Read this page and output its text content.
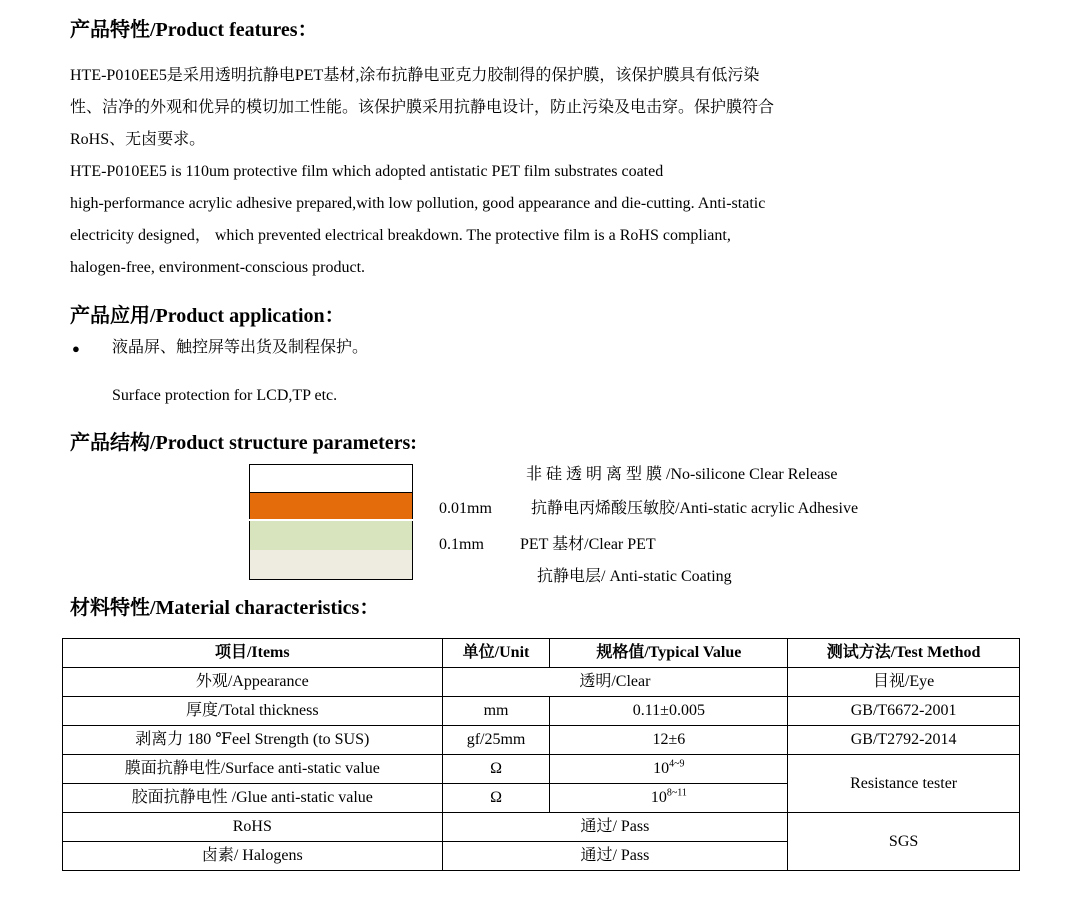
产品特性/Product features：

HTE-P010EE5是采用透明抗静电PET基材,涂布抗静电亚克力胶制得的保护膜，该保护膜具有低污染

性、洁净的外观和优异的模切加工性能。该保护膜采用抗静电设计，防止污染及电击穿。保护膜符合

RoHS、无卤要求。

HTE-P010EE5 is 110um protective film which adopted antistatic PET film substrates coated

high-performance acrylic adhesive prepared,with low pollution, good appearance and die-cutting. Anti-static

electricity designed， which prevented electrical breakdown. The protective film is a RoHS compliant,

halogen-free, environment-conscious product.

产品应用/Product application：
● 液晶屏、触控屏等出货及制程保护。

Surface protection for LCD,TP etc.

产品结构/Product structure parameters:
非 硅 透 明 离 型 膜 /No-silicone Clear Release
0.01mm 抗静电丙烯酸压敏胶/Anti-static acrylic Adhesive
0.1mm PET 基材/Clear PET
抗静电层/ Anti-static Coating
材料特性/Material characteristics：
项目/Items	单位/Unit	规格值/Typical Value	测试方法/Test Method
外观/Appearance	透明/Clear		目视/Eye
厚度/Total thickness	mm	0.11±0.005	GB/T6672-2001
剥离力 180 ℉eel Strength (to SUS)	gf/25mm	12±6	GB/T2792-2014
膜面抗静电性/Surface anti-static value	Ω	$10^{4\sim 9}$	Resistance tester
胶面抗静电性 /Glue anti-static value	Ω	$10^{8\sim 11}$
RoHS	通过/ Pass		SGS
卤素/ Halogens	通过/ Pass		
